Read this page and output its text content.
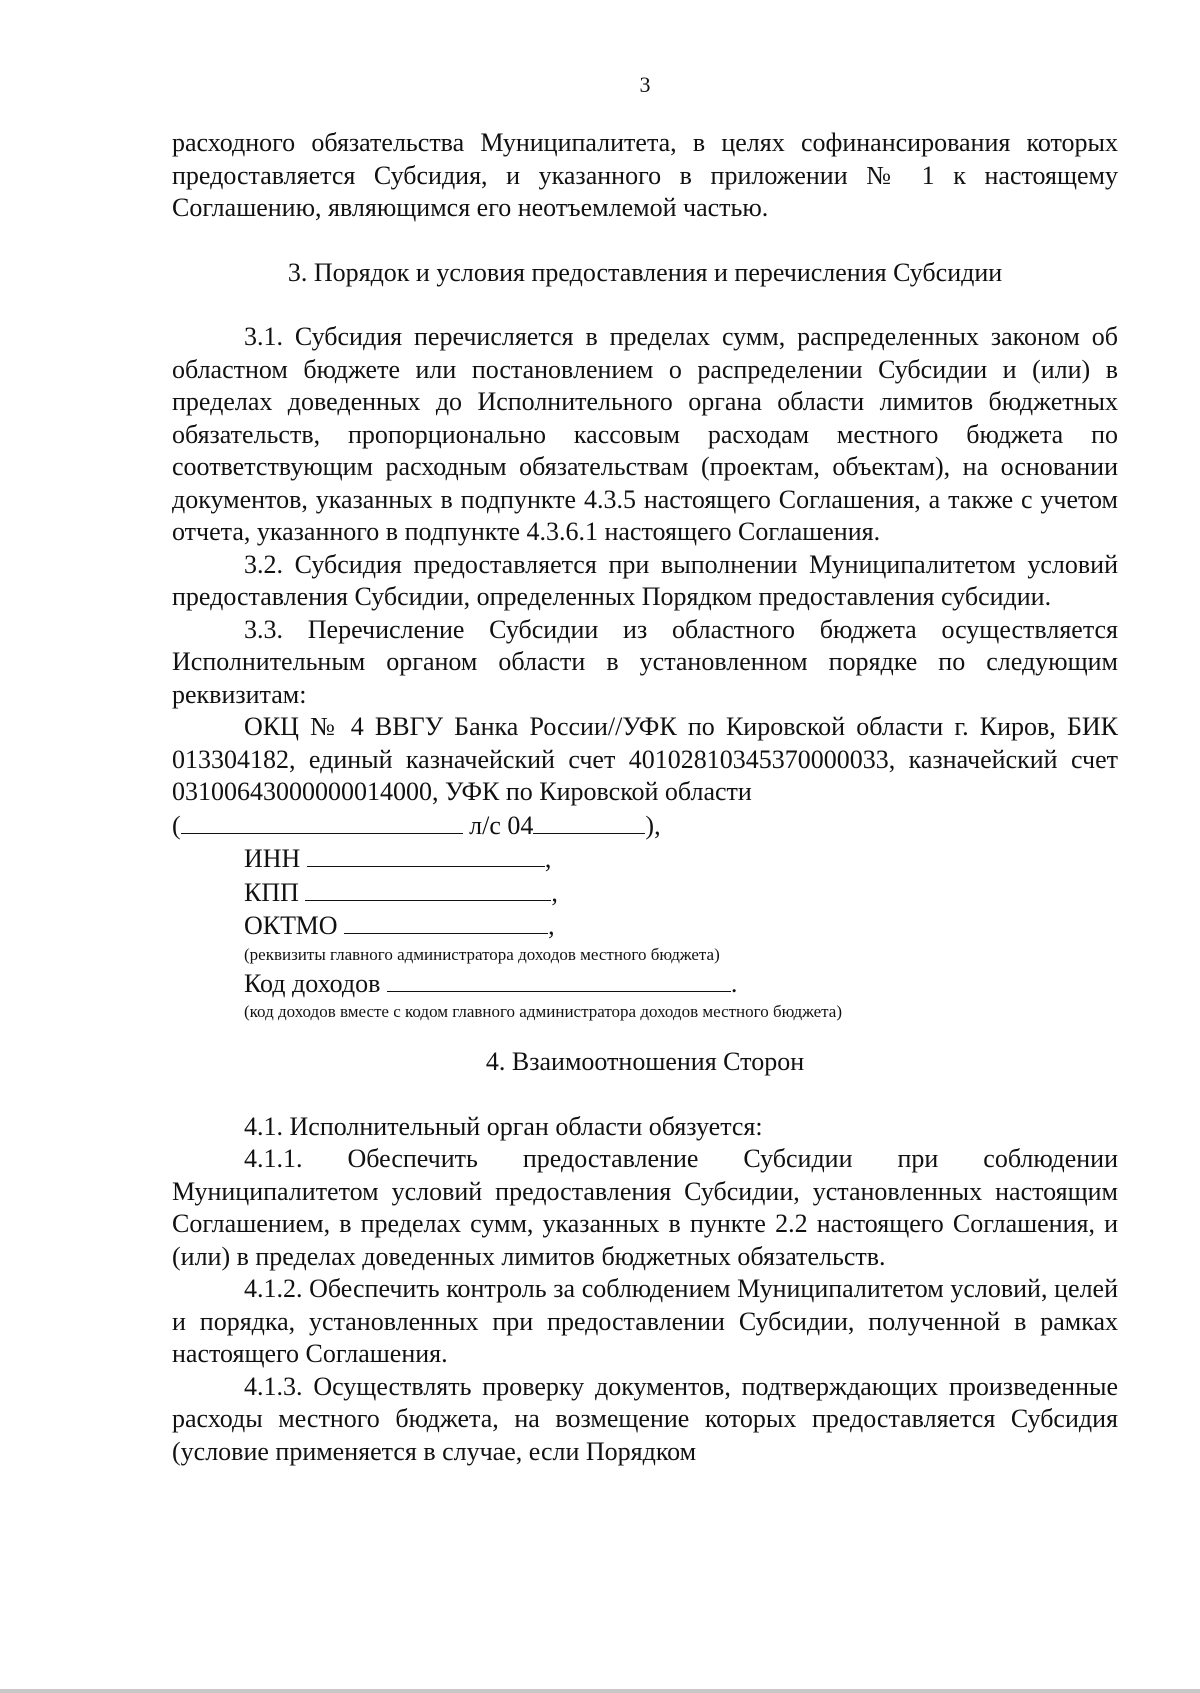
3

расходного обязательства Муниципалитета, в целях софинансирования которых предоставляется Субсидия, и указанного в приложении № 1 к настоящему Соглашению, являющимся его неотъемлемой частью.

3. Порядок и условия предоставления и перечисления Субсидии

3.1. Субсидия перечисляется в пределах сумм, распределенных законом об областном бюджете или постановлением о распределении Субсидии и (или) в пределах доведенных до Исполнительного органа области лимитов бюджетных обязательств, пропорционально кассовым расходам местного бюджета по соответствующим расходным обязательствам (проектам, объектам), на основании документов, указанных в подпункте 4.3.5 настоящего Соглашения, а также с учетом отчета, указанного в подпункте 4.3.6.1 настоящего Соглашения.

3.2. Субсидия предоставляется при выполнении Муниципалитетом условий предоставления Субсидии, определенных Порядком предоставления субсидии.

3.3. Перечисление Субсидии из областного бюджета осуществляется Исполнительным органом области в установленном порядке по следующим реквизитам:

ОКЦ № 4 ВВГУ Банка России//УФК по Кировской области г. Киров, БИК 013304182, единый казначейский счет 40102810345370000033, казначейский счет 03100643000000014000, УФК по Кировской области

(	л/с 04	),

ИНН	,

КПП	,

ОКТМО	,

(реквизиты главного администратора доходов местного бюджета)

Код доходов	.

(код доходов вместе с кодом главного администратора доходов местного бюджета)

4. Взаимоотношения Сторон

4.1. Исполнительный орган области обязуется:

4.1.1. Обеспечить предоставление Субсидии при соблюдении Муниципалитетом условий предоставления Субсидии, установленных настоящим Соглашением, в пределах сумм, указанных в пункте 2.2 настоящего Соглашения, и (или) в пределах доведенных лимитов бюджетных обязательств.

4.1.2. Обеспечить контроль за соблюдением Муниципалитетом условий, целей и порядка, установленных при предоставлении Субсидии, полученной в рамках настоящего Соглашения.

4.1.3. Осуществлять проверку документов, подтверждающих произведенные расходы местного бюджета, на возмещение которых предоставляется Субсидия (условие применяется в случае, если Порядком
